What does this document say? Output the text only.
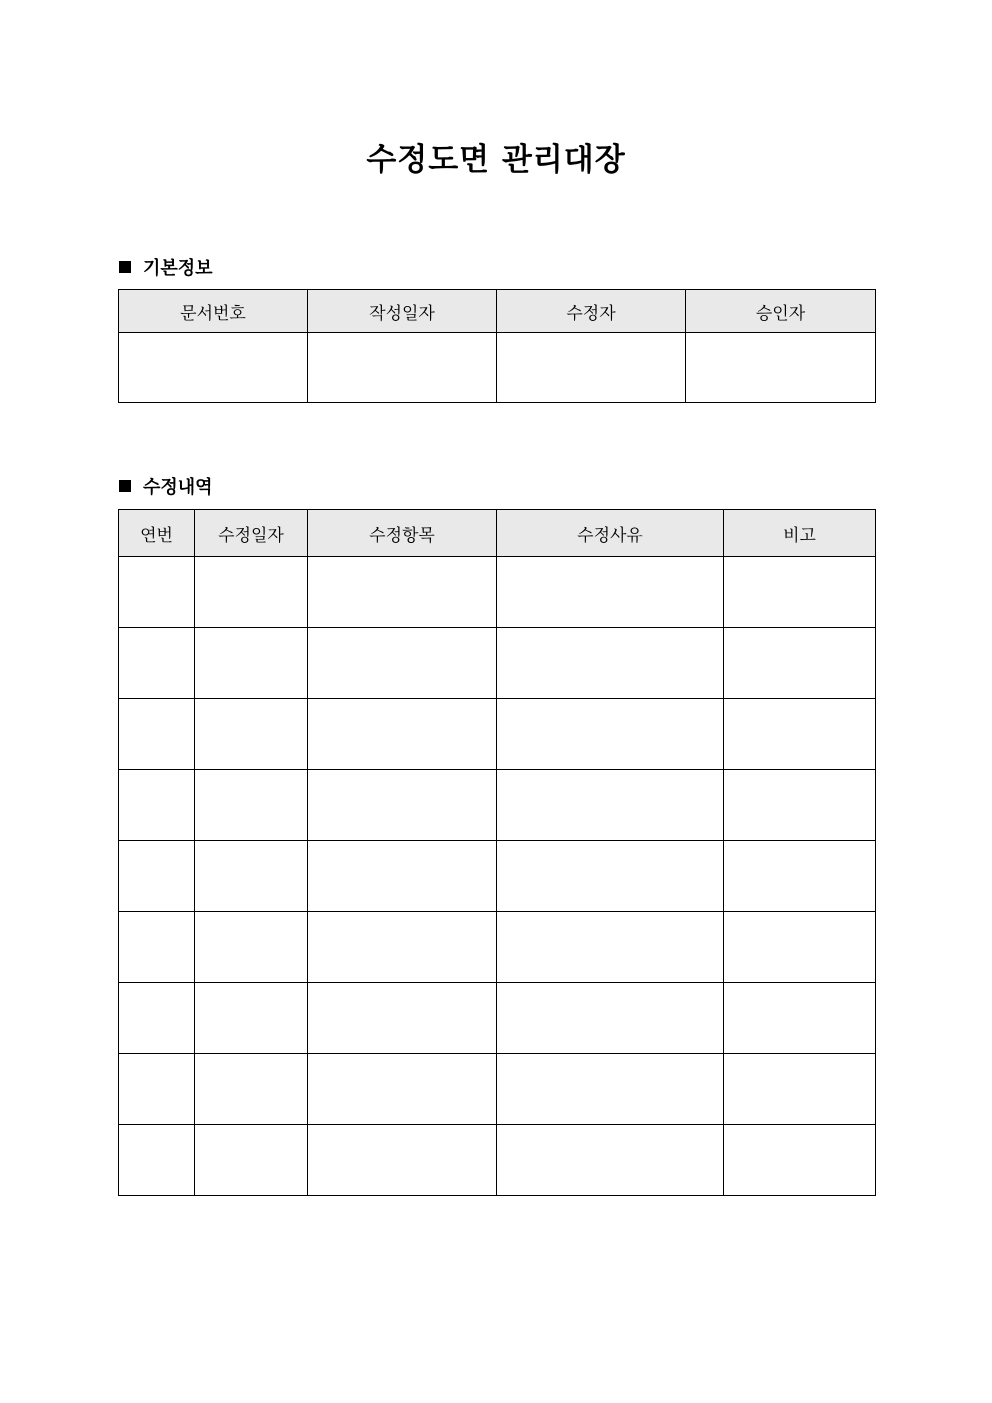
수정도면 관리대장
기본정보
문서번호	작성일자	수정자	승인자

수정내역
연번	수정일자	수정항목	수정사유	비고
